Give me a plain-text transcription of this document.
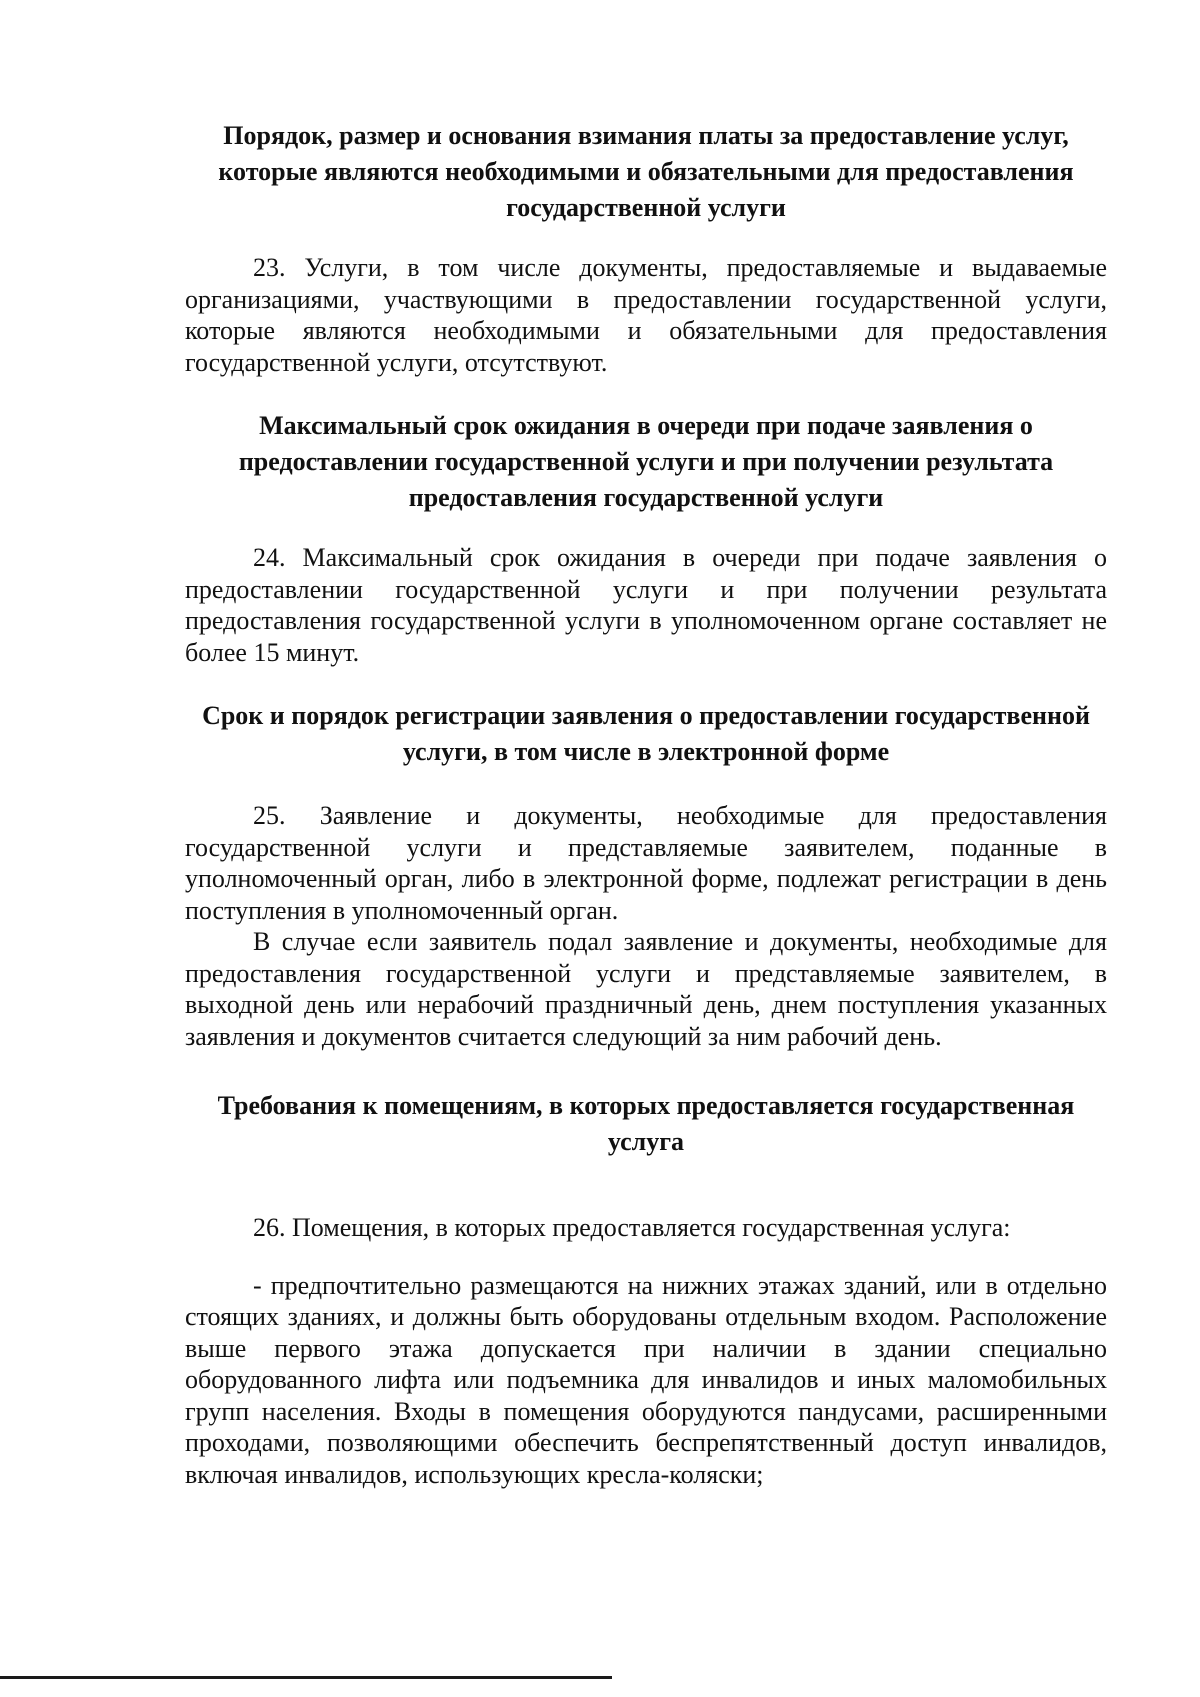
Порядок, размер и основания взимания платы за предоставление услуг, которые являются необходимыми и обязательными для предоставления государственной услуги

23. Услуги, в том числе документы, предоставляемые и выдаваемые организациями, участвующими в предоставлении государственной услуги, которые являются необходимыми и обязательными для предоставления государственной услуги, отсутствуют.

Максимальный срок ожидания в очереди при подаче заявления о предоставлении государственной услуги и при получении результата предоставления государственной услуги

24. Максимальный срок ожидания в очереди при подаче заявления о предоставлении государственной услуги и при получении результата предоставления государственной услуги в уполномоченном органе составляет не более 15 минут.

Срок и порядок регистрации заявления о предоставлении государственной услуги, в том числе в электронной форме

25. Заявление и документы, необходимые для предоставления государственной услуги и представляемые заявителем, поданные в уполномоченный орган, либо в электронной форме, подлежат регистрации в день поступления в уполномоченный орган.

В случае если заявитель подал заявление и документы, необходимые для предоставления государственной услуги и представляемые заявителем, в выходной день или нерабочий праздничный день, днем поступления указанных заявления и документов считается следующий за ним рабочий день.

Требования к помещениям, в которых предоставляется государственная услуга

26. Помещения, в которых предоставляется государственная услуга:

- предпочтительно размещаются на нижних этажах зданий, или в отдельно стоящих зданиях, и должны быть оборудованы отдельным входом. Расположение выше первого этажа допускается при наличии в здании специально оборудованного лифта или подъемника для инвалидов и иных маломобильных групп населения. Входы в помещения оборудуются пандусами, расширенными проходами, позволяющими обеспечить беспрепятственный доступ инвалидов, включая инвалидов, использующих кресла-коляски;
